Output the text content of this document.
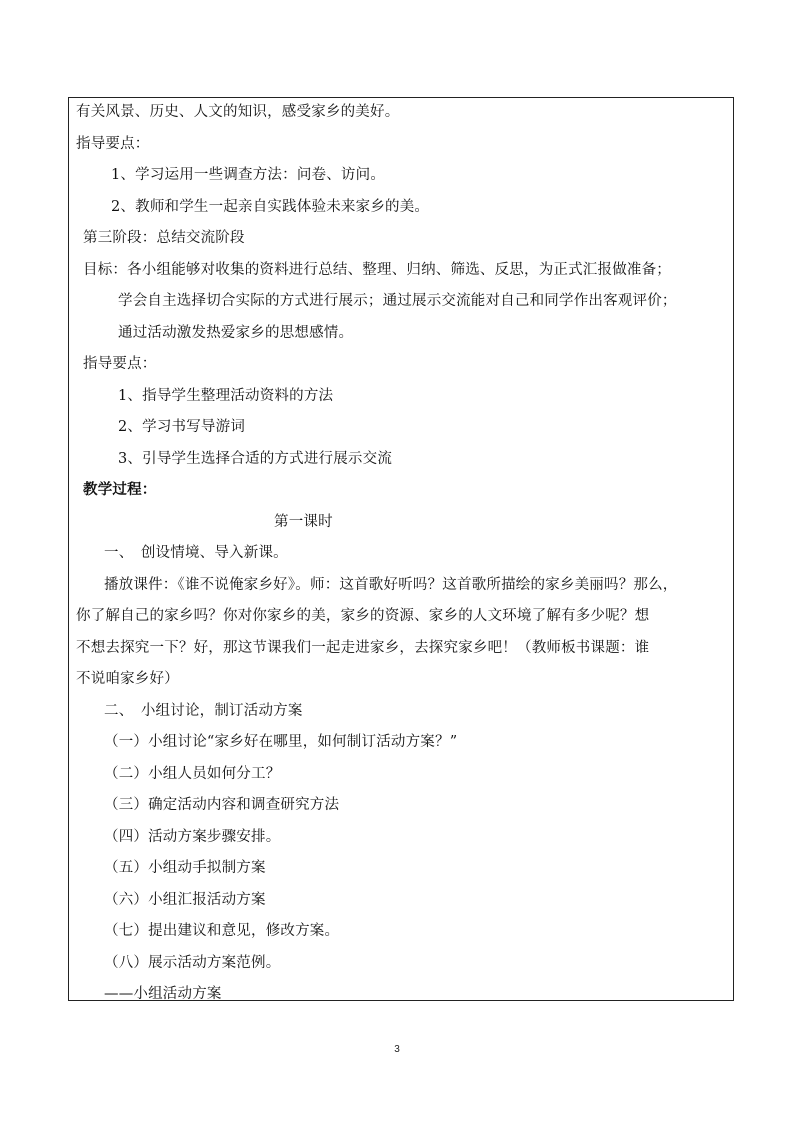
有关风景、历史、人文的知识，感受家乡的美好。
指导要点：
1、学习运用一些调查方法：问卷、访问。
2、教师和学生一起亲自实践体验未来家乡的美。
第三阶段：总结交流阶段
目标：各小组能够对收集的资料进行总结、整理、归纳、筛选、反思，为正式汇报做准备；
学会自主选择切合实际的方式进行展示；通过展示交流能对自己和同学作出客观评价；
通过活动激发热爱家乡的思想感情。
指导要点：
1、指导学生整理活动资料的方法
2、学习书写导游词
3、引导学生选择合适的方式进行展示交流
教学过程：
第一课时
一、　创设情境、导入新课。
播放课件：《谁不说俺家乡好》。师：这首歌好听吗？这首歌所描绘的家乡美丽吗？那么，
你了解自己的家乡吗？你对你家乡的美，家乡的资源、家乡的人文环境了解有多少呢？想
不想去探究一下？好，那这节课我们一起走进家乡，去探究家乡吧！（教师板书课题：谁
不说咱家乡好）
二、　小组讨论，制订活动方案
（一）小组讨论“家乡好在哪里，如何制订活动方案？”
（二）小组人员如何分工？
（三）确定活动内容和调查研究方法
（四）活动方案步骤安排。
（五）小组动手拟制方案
（六）小组汇报活动方案
（七）提出建议和意见，修改方案。
（八）展示活动方案范例。
——小组活动方案
3
